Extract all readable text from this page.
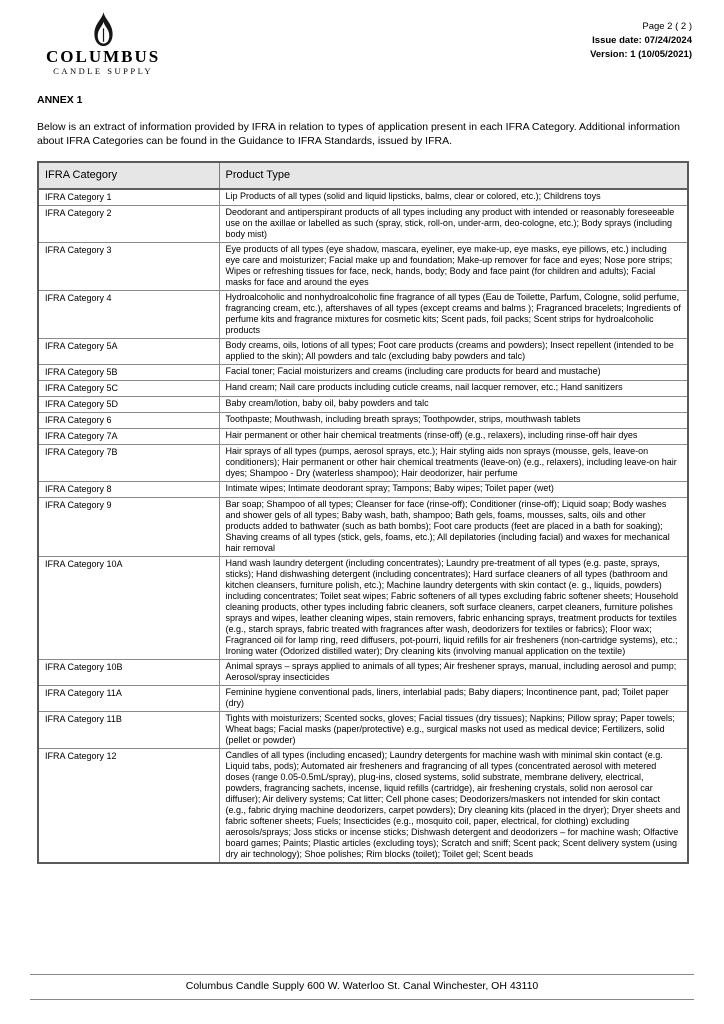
COLUMBUS
CANDLE SUPPLY
Page 2 ( 2 )
Issue date: 07/24/2024
Version: 1 (10/05/2021)
ANNEX 1
Below is an extract of information provided by IFRA in relation to types of application present in each IFRA Category. Additional information about IFRA Categories can be found in the Guidance to IFRA Standards, issued by IFRA.
IFRA Category	Product Type
IFRA Category 1	Lip Products of all types (solid and liquid lipsticks, balms, clear or colored, etc.); Childrens toys
IFRA Category 2	Deodorant and antiperspirant products of all types including any product with intended or reasonably foreseeable use on the axillae or labelled as such (spray, stick, roll-on, under-arm, deo-cologne, etc.); Body sprays (including body mist)
IFRA Category 3	Eye products of all types (eye shadow, mascara, eyeliner, eye make-up, eye masks, eye pillows, etc.) including eye care and moisturizer; Facial make up and foundation; Make-up remover for face and eyes; Nose pore strips; Wipes or refreshing tissues for face, neck, hands, body; Body and face paint (for children and adults); Facial masks for face and around the eyes
IFRA Category 4	Hydroalcoholic and nonhydroalcoholic fine fragrance of all types (Eau de Toilette, Parfum, Cologne, solid perfume, fragrancing cream, etc.), aftershaves of all types (except creams and balms ); Fragranced bracelets; Ingredients of perfume kits and fragrance mixtures for cosmetic kits; Scent pads, foil packs; Scent strips for hydroalcoholic products
IFRA Category 5A	Body creams, oils, lotions of all types; Foot care products (creams and powders); Insect repellent (intended to be applied to the skin); All powders and talc (excluding baby powders and talc)
IFRA Category 5B	Facial toner; Facial moisturizers and creams (including care products for beard and mustache)
IFRA Category 5C	Hand cream; Nail care products including cuticle creams, nail lacquer remover, etc.; Hand sanitizers
IFRA Category 5D	Baby cream/lotion, baby oil, baby powders and talc
IFRA Category 6	Toothpaste; Mouthwash, including breath sprays; Toothpowder, strips, mouthwash tablets
IFRA Category 7A	Hair permanent or other hair chemical treatments (rinse-off) (e.g., relaxers), including rinse-off hair dyes
IFRA Category 7B	Hair sprays of all types (pumps, aerosol sprays, etc.); Hair styling aids non sprays (mousse, gels, leave-on conditioners); Hair permanent or other hair chemical treatments (leave-on) (e.g., relaxers), including leave-on hair dyes; Shampoo - Dry (waterless shampoo); Hair deodorizer, hair perfume
IFRA Category 8	Intimate wipes; Intimate deodorant spray; Tampons; Baby wipes; Toilet paper (wet)
IFRA Category 9	Bar soap; Shampoo of all types; Cleanser for face (rinse-off); Conditioner (rinse-off); Liquid soap; Body washes and shower gels of all types; Baby wash, bath, shampoo; Bath gels, foams, mousses, salts, oils and other products added to bathwater (such as bath bombs); Foot care products (feet are placed in a bath for soaking); Shaving creams of all types (stick, gels, foams, etc.); All depilatories (including facial) and waxes for mechanical hair removal
IFRA Category 10A	Hand wash laundry detergent (including concentrates); Laundry pre-treatment of all types (e.g. paste, sprays, sticks); Hand dishwashing detergent (including concentrates); Hard surface cleaners of all types (bathroom and kitchen cleansers, furniture polish, etc.); Machine laundry detergents with skin contact (e. g., liquids, powders) including concentrates; Toilet seat wipes; Fabric softeners of all types excluding fabric softener sheets; Household cleaning products, other types including fabric cleaners, soft surface cleaners, carpet cleaners, furniture polishes sprays and wipes, leather cleaning wipes, stain removers, fabric enhancing sprays, treatment products for textiles (e.g., starch sprays, fabric treated with fragrances after wash, deodorizers for textiles or fabrics); Floor wax; Fragranced oil for lamp ring, reed diffusers, pot-pourri, liquid refills for air fresheners (non-cartridge systems), etc.; Ironing water (Odorized distilled water); Dry cleaning kits (involving manual application on the textile)
IFRA Category 10B	Animal sprays – sprays applied to animals of all types; Air freshener sprays, manual, including aerosol and pump; Aerosol/spray insecticides
IFRA Category 11A	Feminine hygiene conventional pads, liners, interlabial pads; Baby diapers; Incontinence pant, pad; Toilet paper (dry)
IFRA Category 11B	Tights with moisturizers; Scented socks, gloves; Facial tissues (dry tissues); Napkins; Pillow spray; Paper towels; Wheat bags; Facial masks (paper/protective) e.g., surgical masks not used as medical device; Fertilizers, solid (pellet or powder)
IFRA Category 12	Candles of all types (including encased); Laundry detergents for machine wash with minimal skin contact (e.g. Liquid tabs, pods); Automated air fresheners and fragrancing of all types (concentrated aerosol with metered doses (range 0.05-0.5mL/spray), plug-ins, closed systems, solid substrate, membrane delivery, electrical, powders, fragrancing sachets, incense, liquid refills (cartridge), air freshening crystals, solid non aerosol car diffuser); Air delivery systems; Cat litter; Cell phone cases; Deodorizers/maskers not intended for skin contact (e.g., fabric drying machine deodorizers, carpet powders); Dry cleaning kits (placed in the dryer); Dryer sheets and fabric softener sheets; Fuels; Insecticides (e.g., mosquito coil, paper, electrical, for clothing) excluding aerosols/sprays; Joss sticks or incense sticks; Dishwash detergent and deodorizers – for machine wash; Olfactive board games; Paints; Plastic articles (excluding toys); Scratch and sniff; Scent pack; Scent delivery system (using dry air technology); Shoe polishes; Rim blocks (toilet); Toilet gel; Scent beads
Columbus Candle Supply 600 W. Waterloo St. Canal Winchester, OH 43110
